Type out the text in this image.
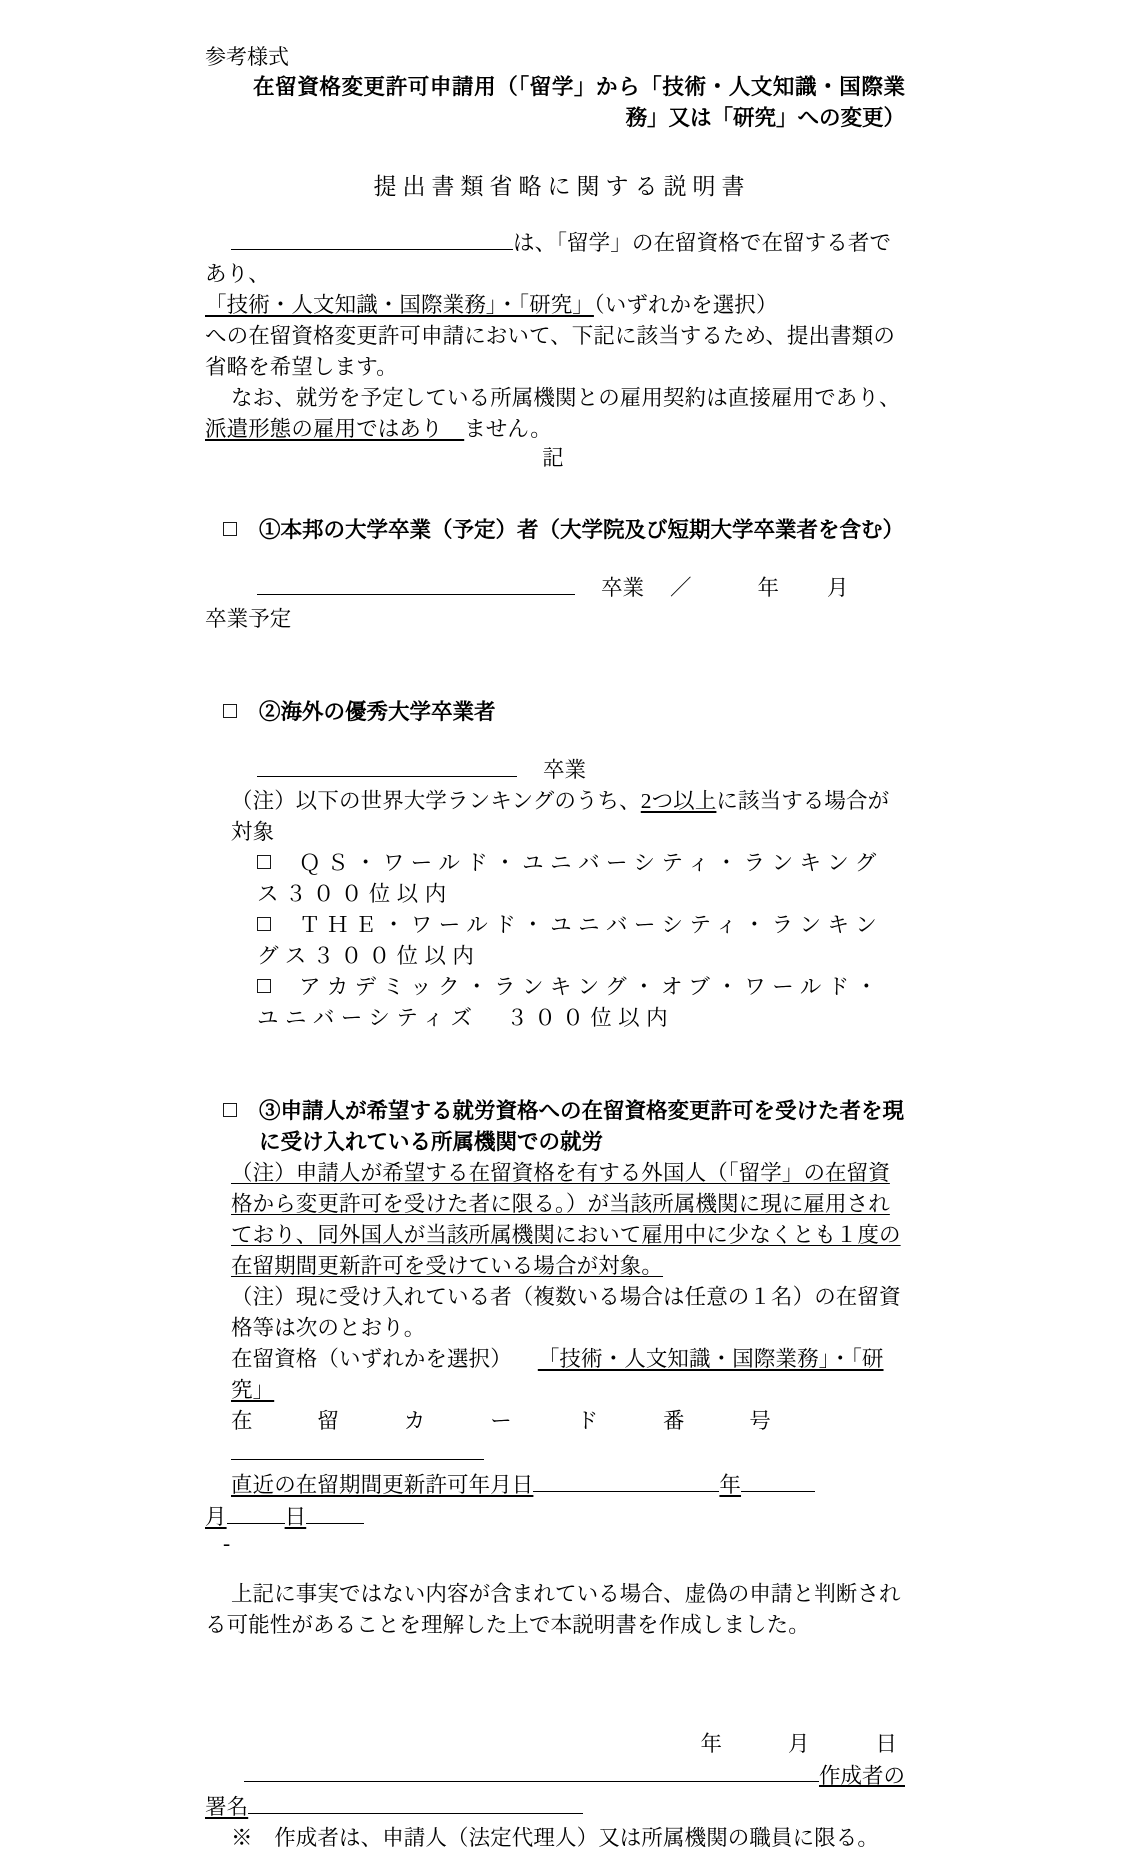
参考様式
在留資格変更許可申請用（「留学」から「技術・人文知識・国際業務」又は「研究」への変更）
提出書類省略に関する説明書
は、「留学」の在留資格で在留する者であり、
「技術・人文知識・国際業務」・「研究」（いずれかを選択）
への在留資格変更許可申請において、下記に該当するため、提出書類の省略を希望します。
なお、就労を予定している所属機関との雇用契約は直接雇用であり、派遣形態の雇用ではあり　ません。
記
①本邦の大学卒業（予定）者（大学院及び短期大学卒業者を含む）
卒業 ／	年 月
卒業予定
②海外の優秀大学卒業者
卒業
（注）以下の世界大学ランキングのうち、2つ以上に該当する場合が対象
ＱＳ・ワールド・ユニバーシティ・ランキングス３００位以内
ＴＨＥ・ワールド・ユニバーシティ・ランキングス３００位以内
アカデミック・ランキング・オブ・ワールド・ユニバーシティズ　３００位以内
③申請人が希望する就労資格への在留資格変更許可を受けた者を現に受け入れている所属機関での就労
（注）申請人が希望する在留資格を有する外国人（「留学」の在留資格から変更許可を受けた者に限る。）が当該所属機関に現に雇用されており、同外国人が当該所属機関において雇用中に少なくとも１度の在留期間更新許可を受けている場合が対象。
（注）現に受け入れている者（複数いる場合は任意の１名）の在留資格等は次のとおり。
在留資格（いずれかを選択） 「技術・人文知識・国際業務」・「研究」
在　　　留　　　カ　　　ー　　　ド　　　番　　　号
直近の在留期間更新許可年月日	年
月	日
-
上記に事実ではない内容が含まれている場合、虚偽の申請と判断される可能性があることを理解した上で本説明書を作成しました。
年	月	日
作成者の
署名
※　作成者は、申請人（法定代理人）又は所属機関の職員に限る。
